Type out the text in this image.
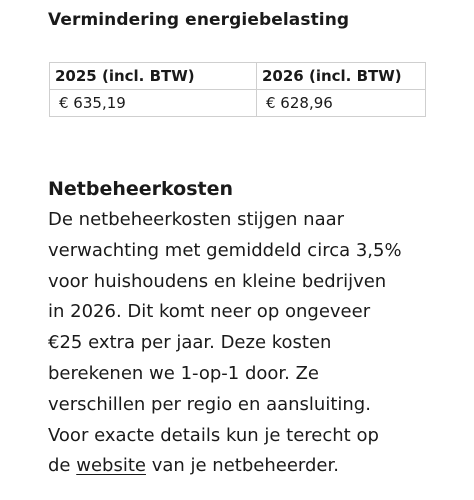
Vermindering energiebelasting
2025 (incl. BTW)	2026 (incl. BTW)
€ 635,19	€ 628,96
Netbeheerkosten

De netbeheerkosten stijgen naar
verwachting met gemiddeld circa 3,5%
voor huishoudens en kleine bedrijven
in 2026. Dit komt neer op ongeveer
€25 extra per jaar. Deze kosten
berekenen we 1-op-1 door. Ze
verschillen per regio en aansluiting.
Voor exacte details kun je terecht op
de website van je netbeheerder.
